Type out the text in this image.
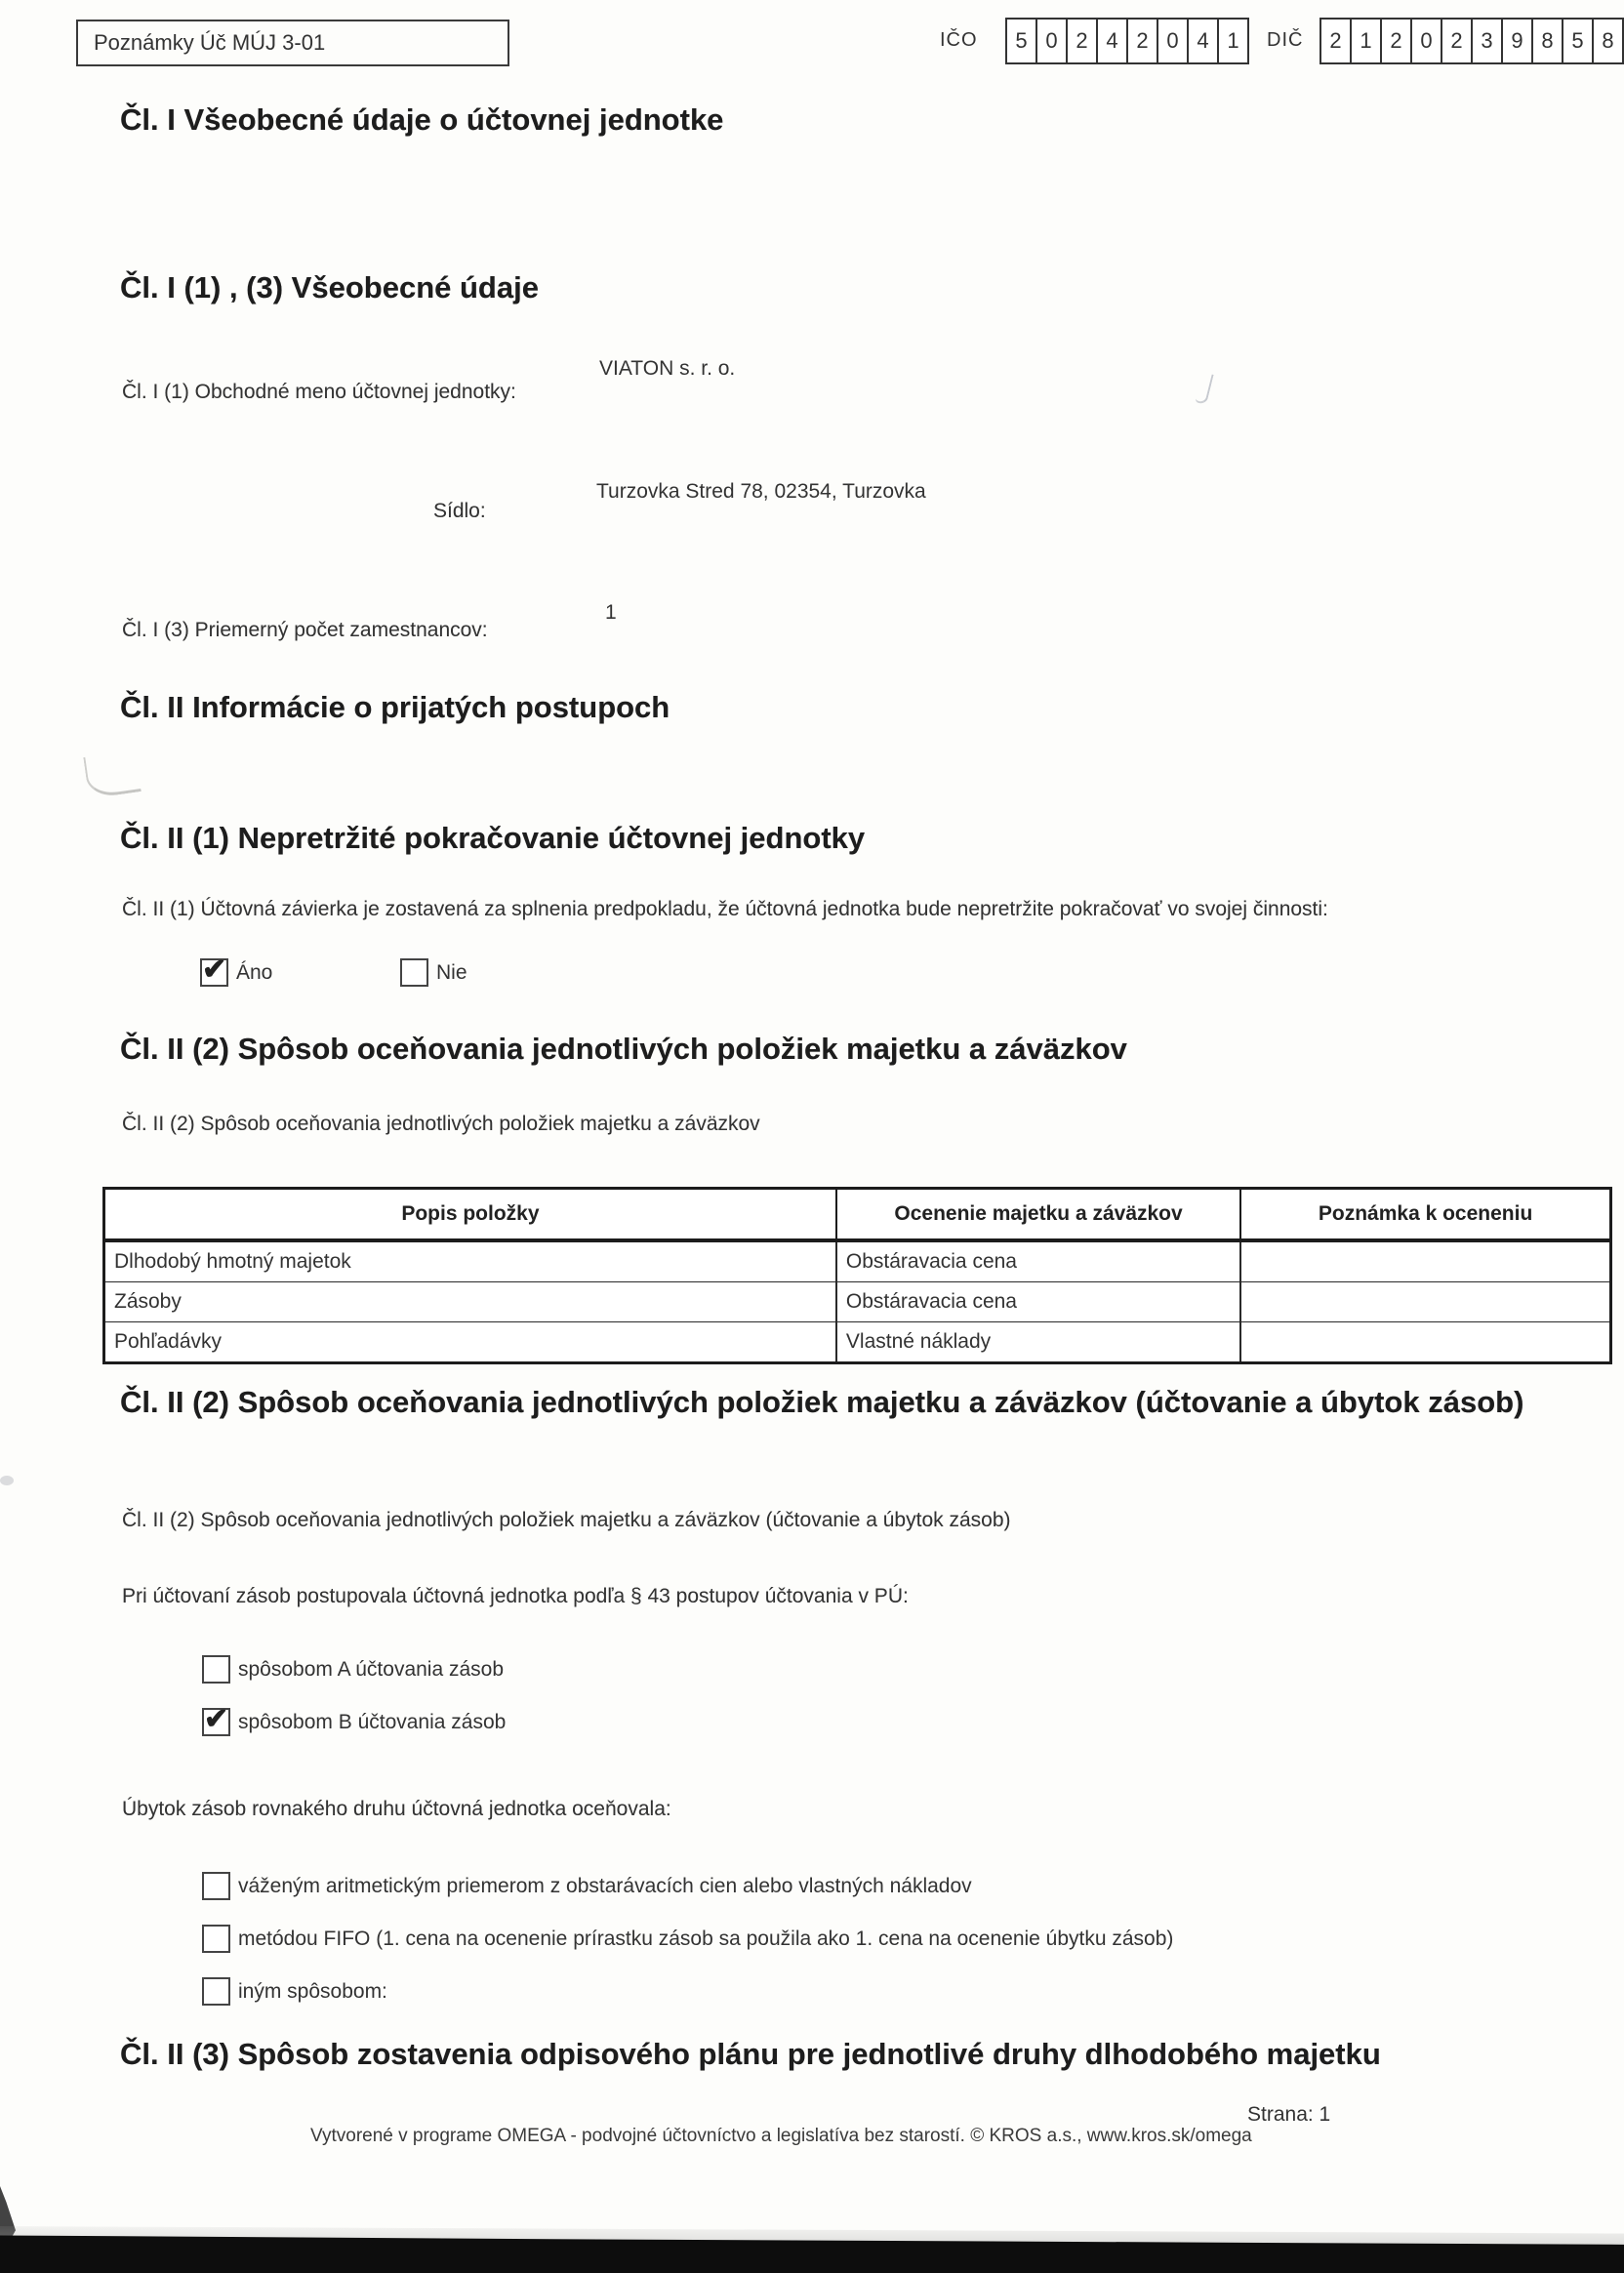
Poznámky Úč MÚJ 3-01	IČO	5 0 2 4 2 0 4 1	DIČ	2 1 2 0 2 3 9 8 5 8
Čl. I Všeobecné údaje o účtovnej jednotke
Čl. I (1) , (3) Všeobecné údaje
Čl. I (1) Obchodné meno účtovnej jednotky:
VIATON s. r. o.
Sídlo:
Turzovka Stred 78, 02354, Turzovka
Čl. I (3) Priemerný počet zamestnancov:
1
Čl. II Informácie o prijatých postupoch
Čl. II (1) Nepretržité pokračovanie účtovnej jednotky
Čl. II (1) Účtovná závierka je zostavená za splnenia predpokladu, že účtovná jednotka bude nepretržite pokračovať vo svojej činnosti:
✔ Áno	Nie
Čl. II (2) Spôsob oceňovania jednotlivých položiek majetku a záväzkov
Čl. II (2) Spôsob oceňovania jednotlivých položiek majetku a záväzkov
Popis položky	Ocenenie majetku a záväzkov	Poznámka k oceneniu
Dlhodobý hmotný majetok	Obstáravacia cena	
Zásoby	Obstáravacia cena	
Pohľadávky	Vlastné náklady	
Čl. II (2) Spôsob oceňovania jednotlivých položiek majetku a záväzkov (účtovanie a úbytok zásob)
Čl. II (2) Spôsob oceňovania jednotlivých položiek majetku a záväzkov (účtovanie a úbytok zásob)
Pri účtovaní zásob postupovala účtovná jednotka podľa § 43 postupov účtovania v PÚ:
spôsobom A účtovania zásob
✔ spôsobom B účtovania zásob
Úbytok zásob rovnakého druhu účtovná jednotka oceňovala:
váženým aritmetickým priemerom z obstarávacích cien alebo vlastných nákladov
metódou FIFO (1. cena na ocenenie prírastku zásob sa použila ako 1. cena na ocenenie úbytku zásob)
iným spôsobom:
Čl. II (3) Spôsob zostavenia odpisového plánu pre jednotlivé druhy dlhodobého majetku
Strana: 1
Vytvorené v programe OMEGA - podvojné účtovníctvo a legislatíva bez starostí. © KROS a.s., www.kros.sk/omega
